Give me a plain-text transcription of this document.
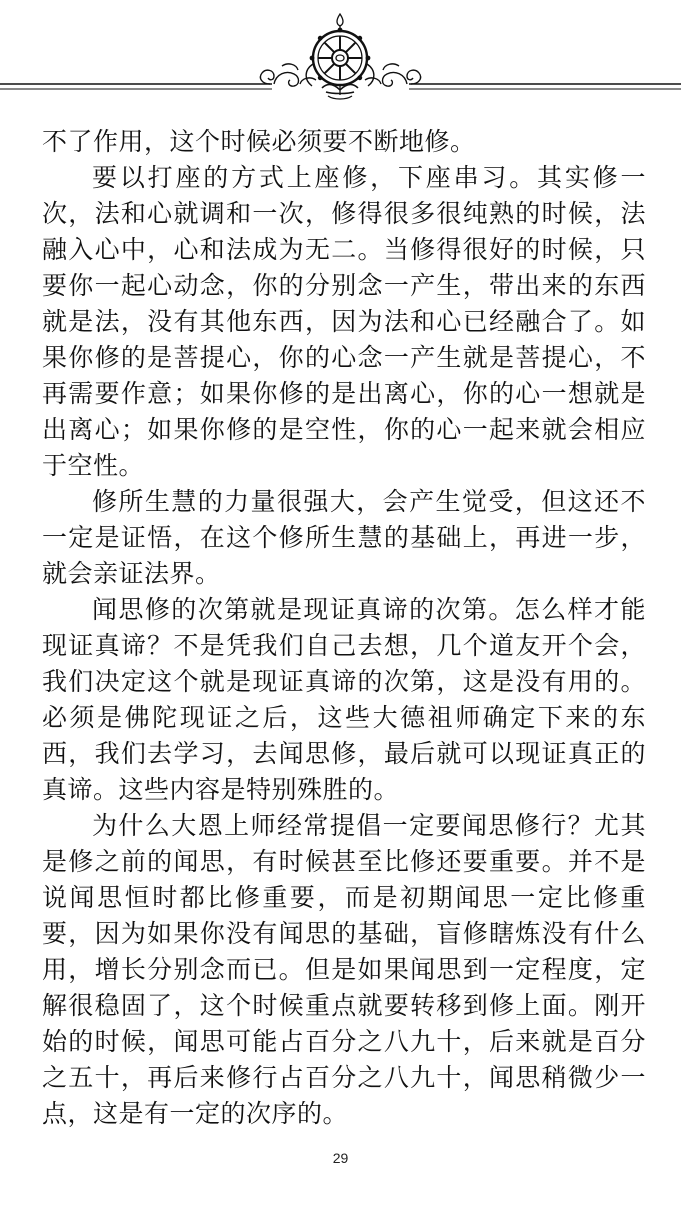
不了作用，这个时候必须要不断地修。

要以打座的方式上座修，下座串习。其实修一次，法和心就调和一次，修得很多很纯熟的时候，法融入心中，心和法成为无二。当修得很好的时候，只要你一起心动念，你的分别念一产生，带出来的东西就是法，没有其他东西，因为法和心已经融合了。如果你修的是菩提心，你的心念一产生就是菩提心，不再需要作意；如果你修的是出离心，你的心一想就是出离心；如果你修的是空性，你的心一起来就会相应于空性。

修所生慧的力量很强大，会产生觉受，但这还不一定是证悟，在这个修所生慧的基础上，再进一步，就会亲证法界。

闻思修的次第就是现证真谛的次第。怎么样才能现证真谛？不是凭我们自己去想，几个道友开个会，我们决定这个就是现证真谛的次第，这是没有用的。必须是佛陀现证之后，这些大德祖师确定下来的东西，我们去学习，去闻思修，最后就可以现证真正的真谛。这些内容是特别殊胜的。

为什么大恩上师经常提倡一定要闻思修行？尤其是修之前的闻思，有时候甚至比修还要重要。并不是说闻思恒时都比修重要，而是初期闻思一定比修重要，因为如果你没有闻思的基础，盲修瞎炼没有什么用，增长分别念而已。但是如果闻思到一定程度，定解很稳固了，这个时候重点就要转移到修上面。刚开始的时候，闻思可能占百分之八九十，后来就是百分之五十，再后来修行占百分之八九十，闻思稍微少一点，这是有一定的次序的。

29
